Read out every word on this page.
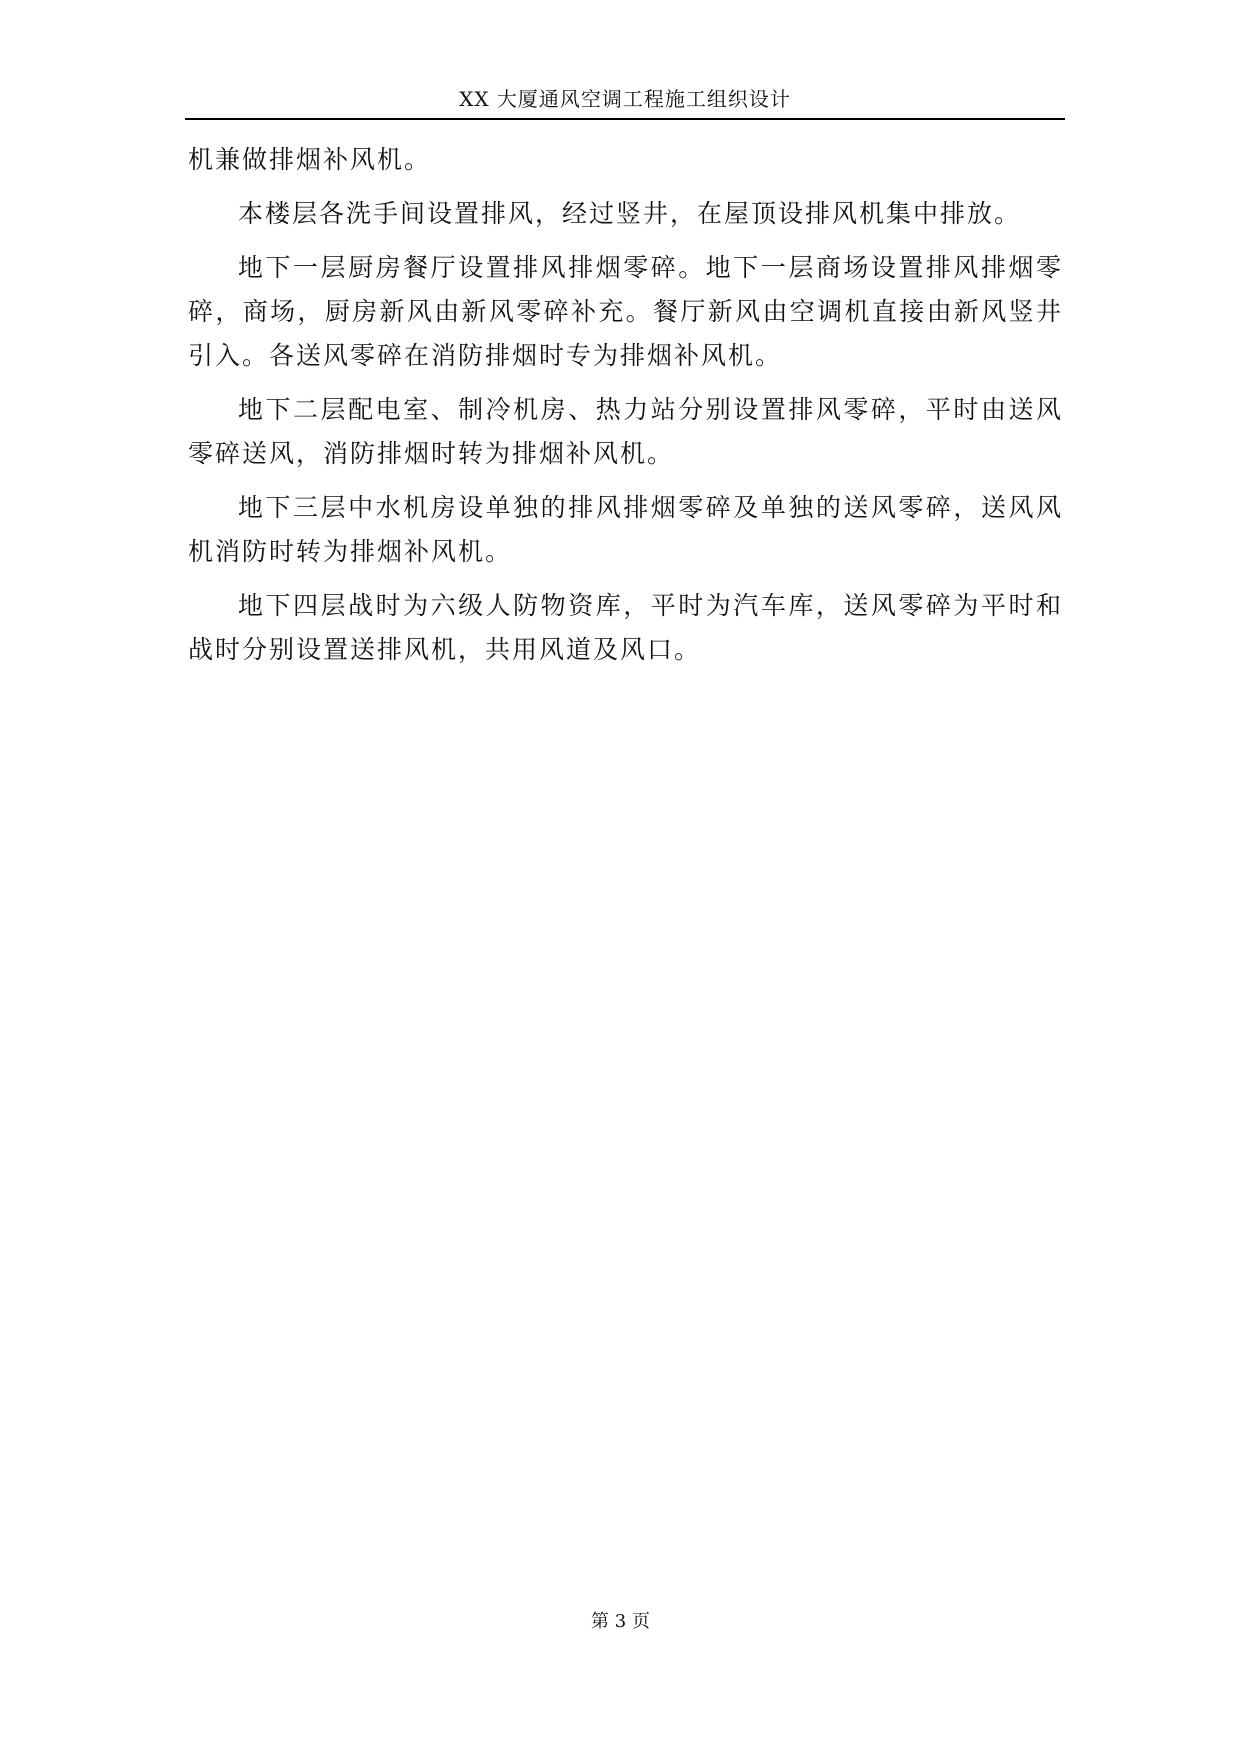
XX 大厦通风空调工程施工组织设计

机兼做排烟补风机。

本楼层各洗手间设置排风，经过竖井，在屋顶设排风机集中排放。

地下一层厨房餐厅设置排风排烟零碎。地下一层商场设置排风排烟零碎，商场，厨房新风由新风零碎补充。餐厅新风由空调机直接由新风竖井引入。各送风零碎在消防排烟时专为排烟补风机。

地下二层配电室、制冷机房、热力站分别设置排风零碎，平时由送风零碎送风，消防排烟时转为排烟补风机。

地下三层中水机房设单独的排风排烟零碎及单独的送风零碎，送风风机消防时转为排烟补风机。

地下四层战时为六级人防物资库，平时为汽车库，送风零碎为平时和战时分别设置送排风机，共用风道及风口。

第 3 页
